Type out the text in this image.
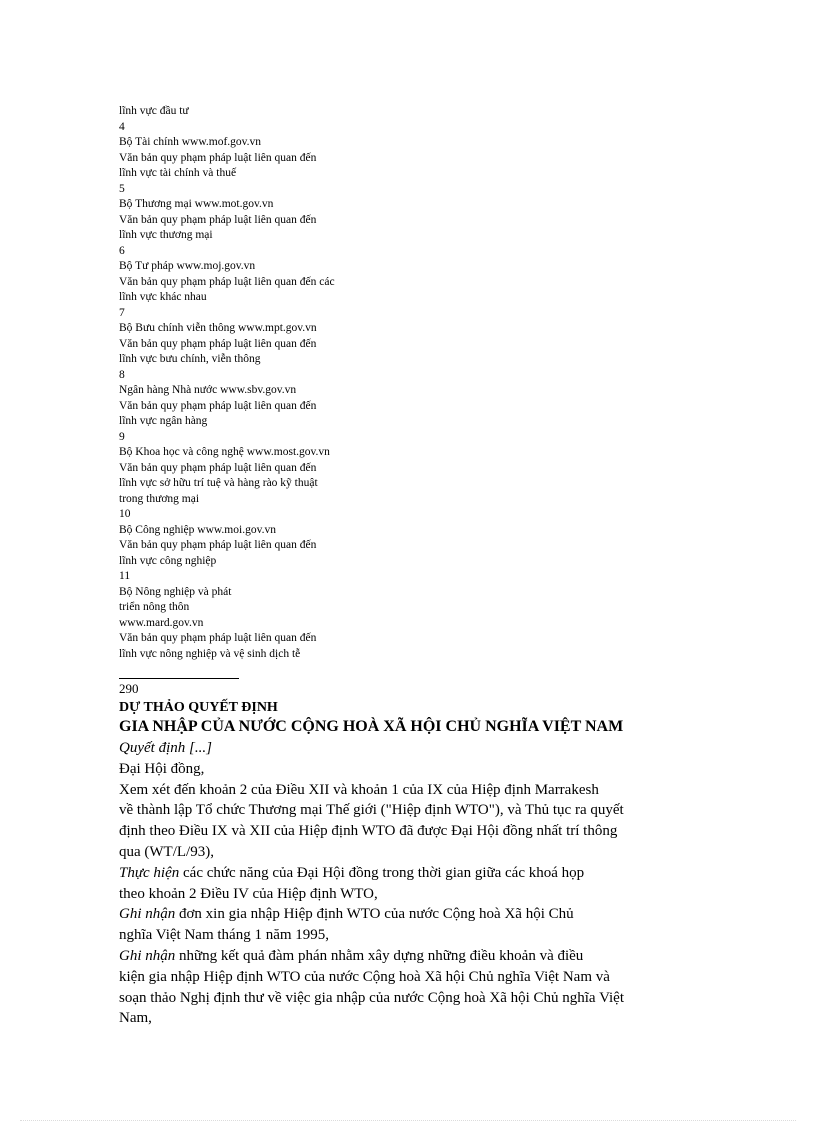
lĩnh vực đầu tư
4
Bộ Tài chính www.mof.gov.vn
Văn bản quy phạm pháp luật liên quan đến
lĩnh vực tài chính và thuế
5
Bộ Thương mại www.mot.gov.vn
Văn bản quy phạm pháp luật liên quan đến
lĩnh vực thương mại
6
Bộ Tư pháp www.moj.gov.vn
Văn bản quy phạm pháp luật liên quan đến các
lĩnh vực khác nhau
7
Bộ Bưu chính viễn thông www.mpt.gov.vn
Văn bản quy phạm pháp luật liên quan đến
lĩnh vực bưu chính, viễn thông
8
Ngân hàng Nhà nước www.sbv.gov.vn
Văn bản quy phạm pháp luật liên quan đến
lĩnh vực ngân hàng
9
Bộ Khoa học và công nghệ www.most.gov.vn
Văn bản quy phạm pháp luật liên quan đến
lĩnh vực sở hữu trí tuệ và hàng rào kỹ thuật
trong thương mại
10
Bộ Công nghiệp www.moi.gov.vn
Văn bản quy phạm pháp luật liên quan đến
lĩnh vực công nghiệp
11
Bộ Nông nghiệp và phát
triển nông thôn
www.mard.gov.vn
Văn bản quy phạm pháp luật liên quan đến
lĩnh vực nông nghiệp và vệ sinh dịch tễ
290
DỰ THẢO QUYẾT ĐỊNH
GIA NHẬP CỦA NƯỚC CỘNG HOÀ XÃ HỘI CHỦ NGHĨA VIỆT NAM
Quyết định [...]
Đại Hội đồng,
Xem xét đến khoản 2 của Điều XII và khoản 1 của IX của Hiệp định Marrakesh
về thành lập Tổ chức Thương mại Thế giới ("Hiệp định WTO"), và Thủ tục ra quyết
định theo Điều IX và XII của Hiệp định WTO đã được Đại Hội đồng nhất trí thông
qua (WT/L/93),
Thực hiện các chức năng của Đại Hội đồng trong thời gian giữa các khoá họp
theo khoản 2 Điều IV của Hiệp định WTO,
Ghi nhận đơn xin gia nhập Hiệp định WTO của nước Cộng hoà Xã hội Chủ
nghĩa Việt Nam tháng 1 năm 1995,
Ghi nhận những kết quả đàm phán nhằm xây dựng những điều khoản và điều
kiện gia nhập Hiệp định WTO của nước Cộng hoà Xã hội Chủ nghĩa Việt Nam và
soạn thảo Nghị định thư về việc gia nhập của nước Cộng hoà Xã hội Chủ nghĩa Việt
Nam,
